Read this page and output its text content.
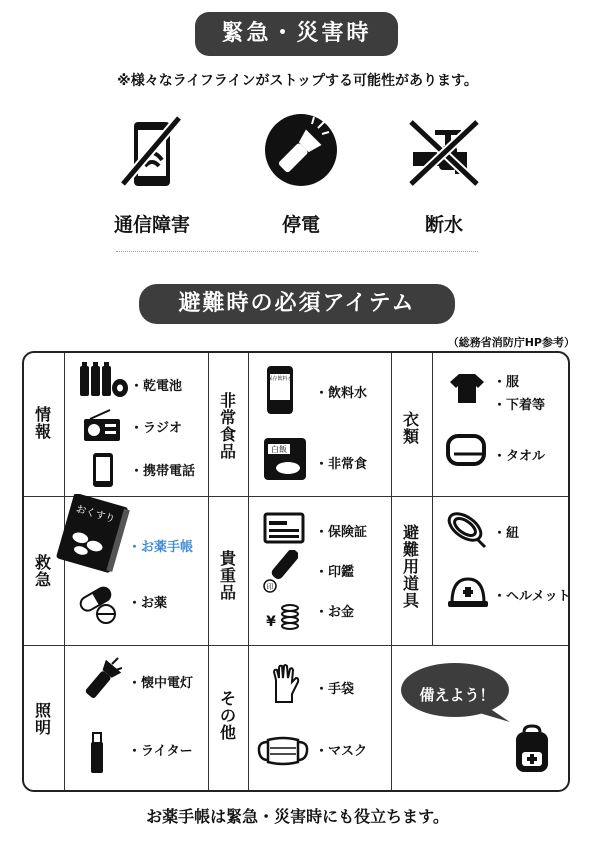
緊急・災害時
※様々なライフラインがストップする可能性があります。
通信障害	停電	断水
避難時の必須アイテム
（総務省消防庁HP参考）
情報
非常食品
衣類
救急
貴重品
避難用道具
照明
その他
・乾電池
・ラジオ
・携帯電話
保存飲料水
・飲料水
白飯
・非常食
・服
・下着等
・タオル
おくすり
・お薬手帳
・お薬
・保険証
印
・印鑑
¥
・お金
・紐
・ヘルメット
・懐中電灯
・ライター
・手袋
・マスク
備えよう！
お薬手帳は緊急・災害時にも役立ちます。
